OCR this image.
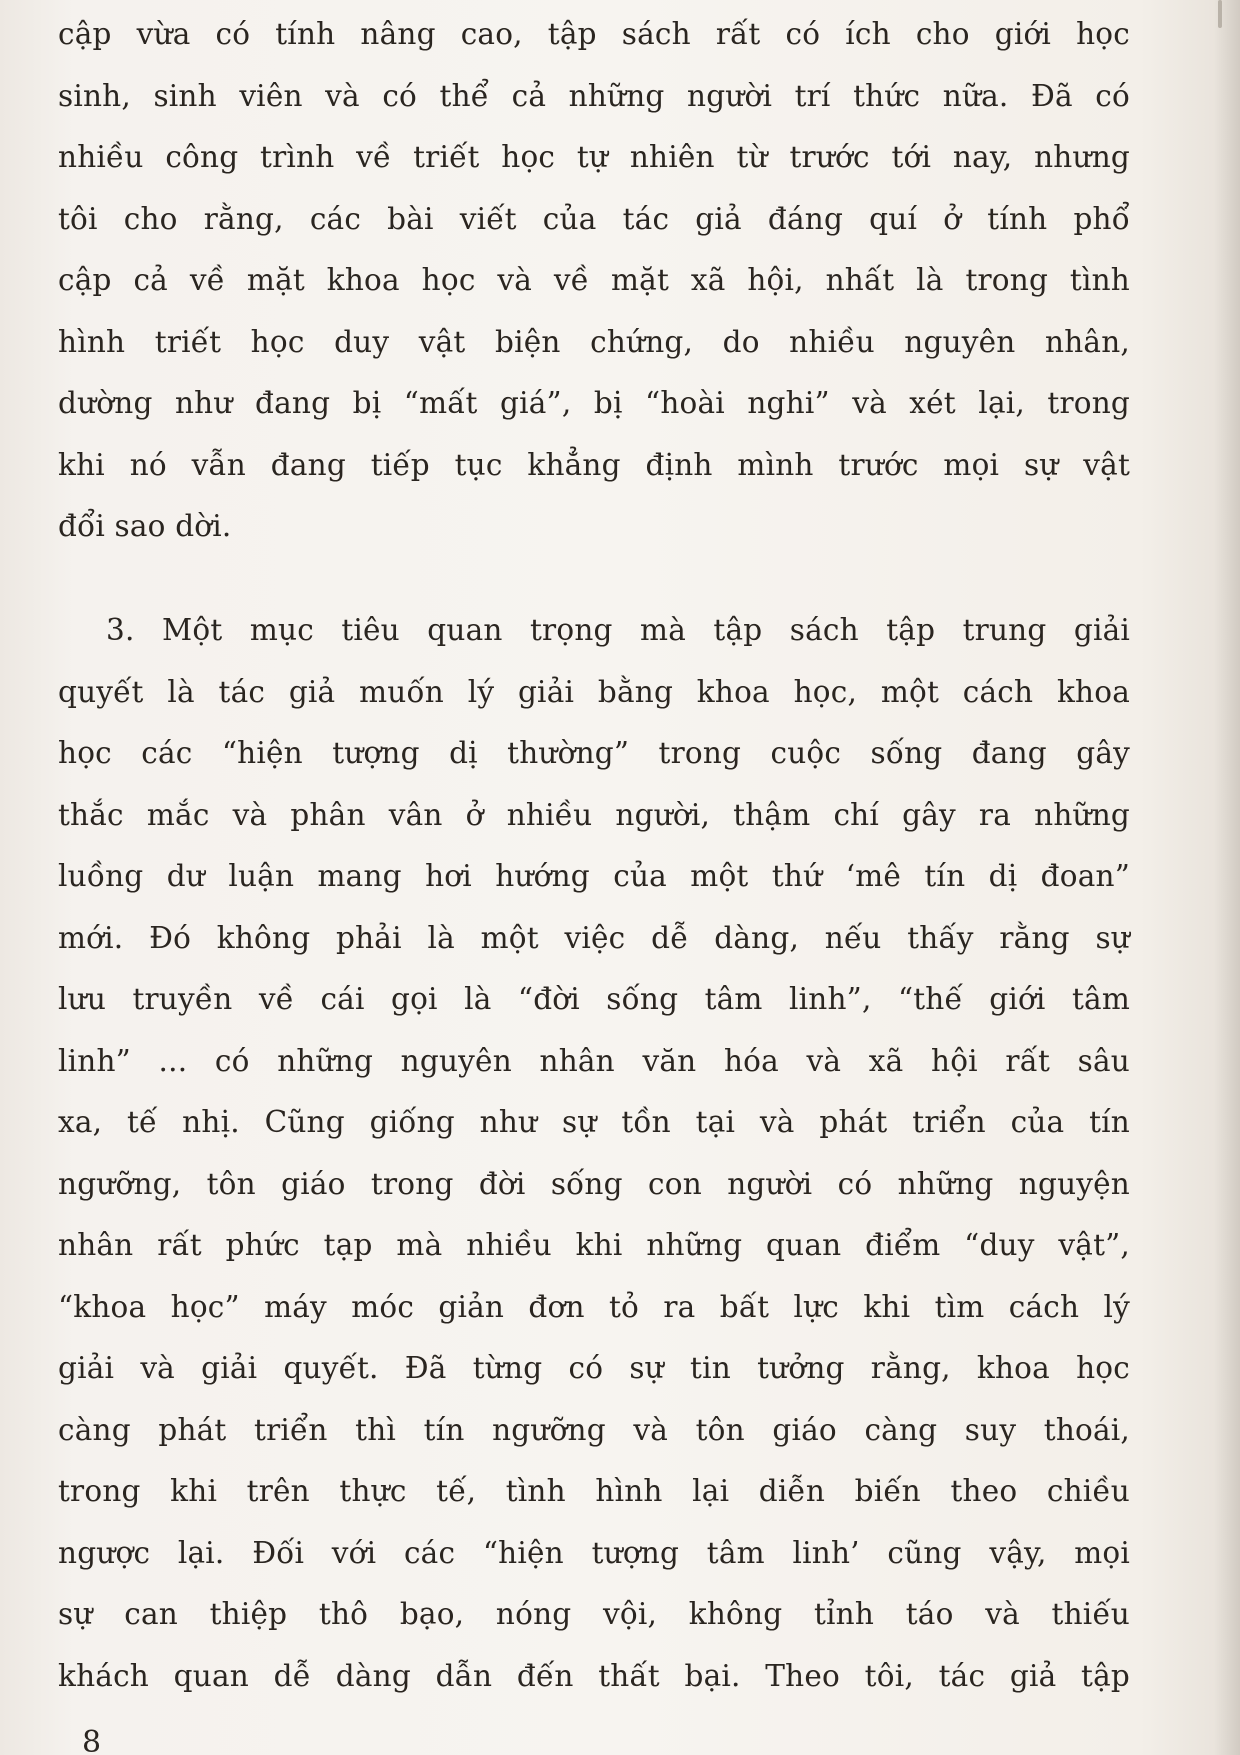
cập vừa có tính nâng cao, tập sách rất có ích cho giới học
sinh, sinh viên và có thể cả những người trí thức nữa. Đã có
nhiều công trình về triết học tự nhiên từ trước tới nay, nhưng
tôi cho rằng, các bài viết của tác giả đáng quí ở tính phổ
cập cả về mặt khoa học và về mặt xã hội, nhất là trong tình
hình triết học duy vật biện chứng, do nhiều nguyên nhân,
dường như đang bị “mất giá”, bị “hoài nghi” và xét lại, trong
khi nó vẫn đang tiếp tục khẳng định mình trước mọi sự vật
đổi sao dời.
3. Một mục tiêu quan trọng mà tập sách tập trung giải
quyết là tác giả muốn lý giải bằng khoa học, một cách khoa
học các “hiện tượng dị thường” trong cuộc sống đang gây
thắc mắc và phân vân ở nhiều người, thậm chí gây ra những
luồng dư luận mang hơi hướng của một thứ ‘mê tín dị đoan”
mới. Đó không phải là một việc dễ dàng, nếu thấy rằng sự
lưu truyền về cái gọi là “đời sống tâm linh”, “thế giới tâm
linh” ... có những nguyên nhân văn hóa và xã hội rất sâu
xa, tế nhị. Cũng giống như sự tồn tại và phát triển của tín
ngưỡng, tôn giáo trong đời sống con người có những nguyện
nhân rất phức tạp mà nhiều khi những quan điểm “duy vật”,
“khoa học” máy móc giản đơn tỏ ra bất lực khi tìm cách lý
giải và giải quyết. Đã từng có sự tin tưởng rằng, khoa học
càng phát triển thì tín ngưỡng và tôn giáo càng suy thoái,
trong khi trên thực tế, tình hình lại diễn biến theo chiều
ngược lại. Đối với các “hiện tượng tâm linh’ cũng vậy, mọi
sự can thiệp thô bạo, nóng vội, không tỉnh táo và thiếu
khách quan dễ dàng dẫn đến thất bại. Theo tôi, tác giả tập
8
